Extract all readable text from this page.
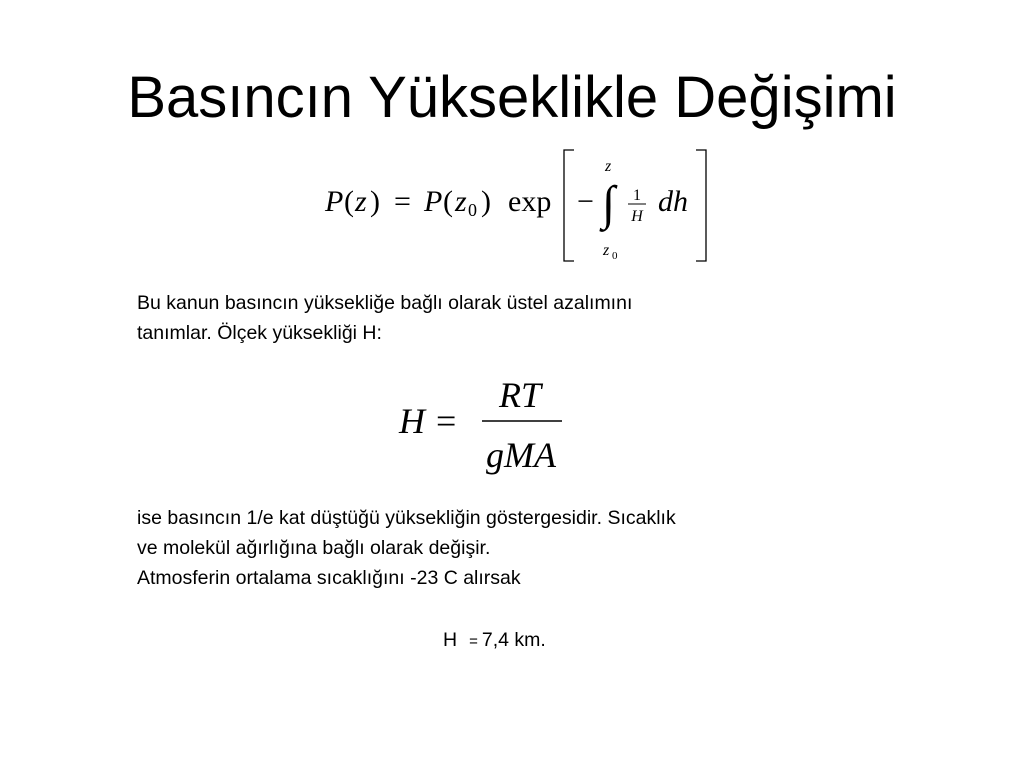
Basıncın Yükseklikle Değişimi
P ( z ) = P ( z 0 ) exp −
z
∫
z 0
1
H dh

Bu kanun basıncın yüksekliğe bağlı olarak üstel azalımını
tanımlar. Ölçek yüksekliği H:

H =
RT
gMA

ise basıncın 1/e kat düştüğü yüksekliğin göstergesidir. Sıcaklık
ve molekül ağırlığına bağlı olarak değişir.
Atmosferin ortalama sıcaklığını -23 C alırsak

H = 7,4 km.
